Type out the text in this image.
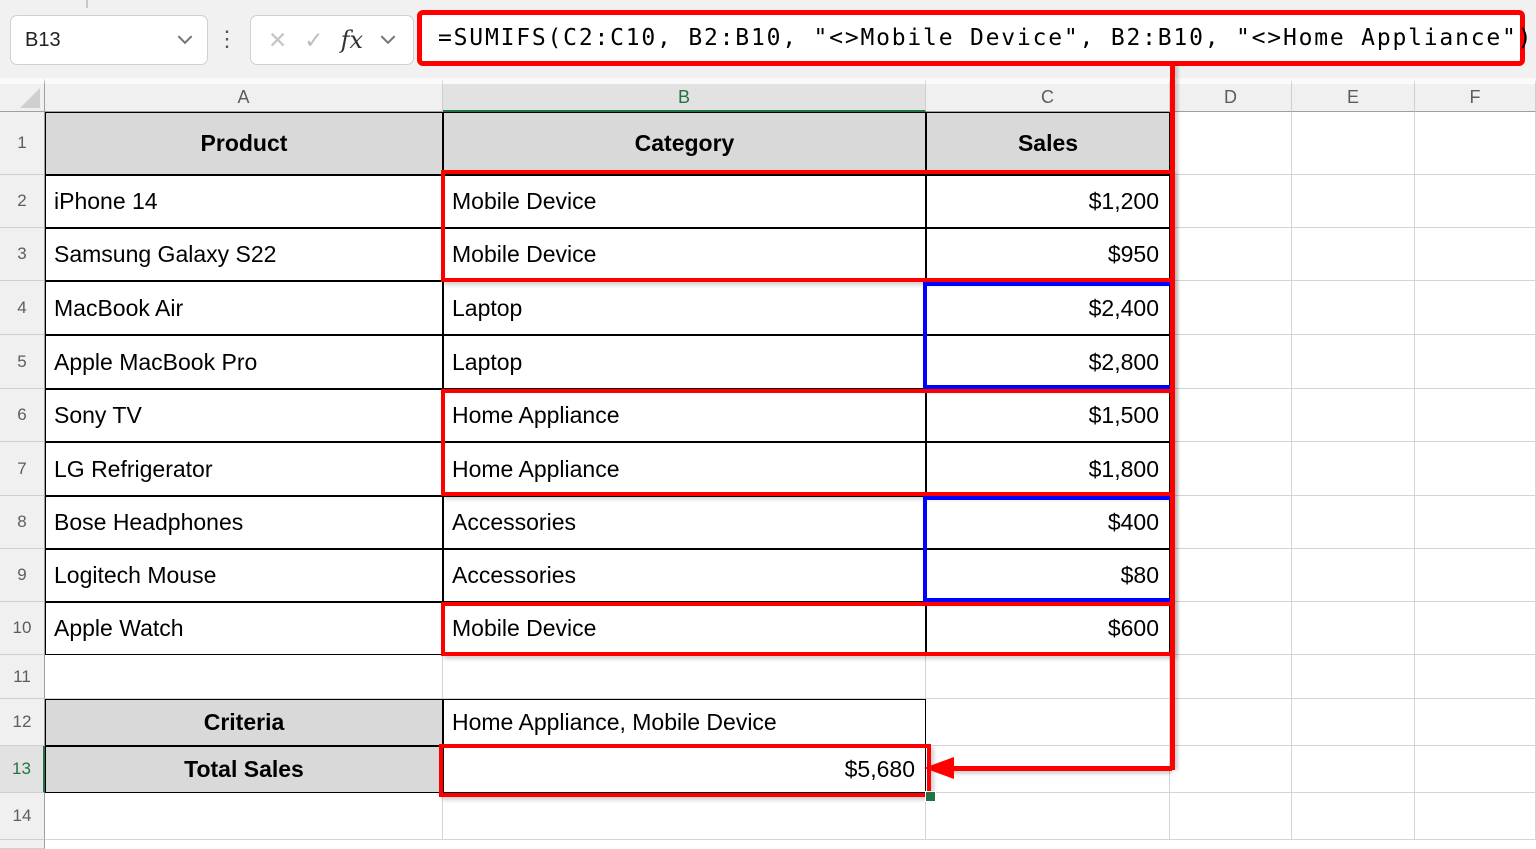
B13	⋮ ✕ ✓ fx	=SUMIFS(C2:C10, B2:B10, "<>Mobile Device", B2:B10, "<>Home Appliance")
A	B	C	D	E	F
1	Product	Category	Sales
2	iPhone 14	Mobile Device	$1,200
3	Samsung Galaxy S22	Mobile Device	$950
4	MacBook Air	Laptop	$2,400
5	Apple MacBook Pro	Laptop	$2,800
6	Sony TV	Home Appliance	$1,500
7	LG Refrigerator	Home Appliance	$1,800
8	Bose Headphones	Accessories	$400
9	Logitech Mouse	Accessories	$80
10 Apple Watch	Mobile Device	$600
11
12	Criteria	Home Appliance, Mobile Device
13	Total Sales	$5,680
14
